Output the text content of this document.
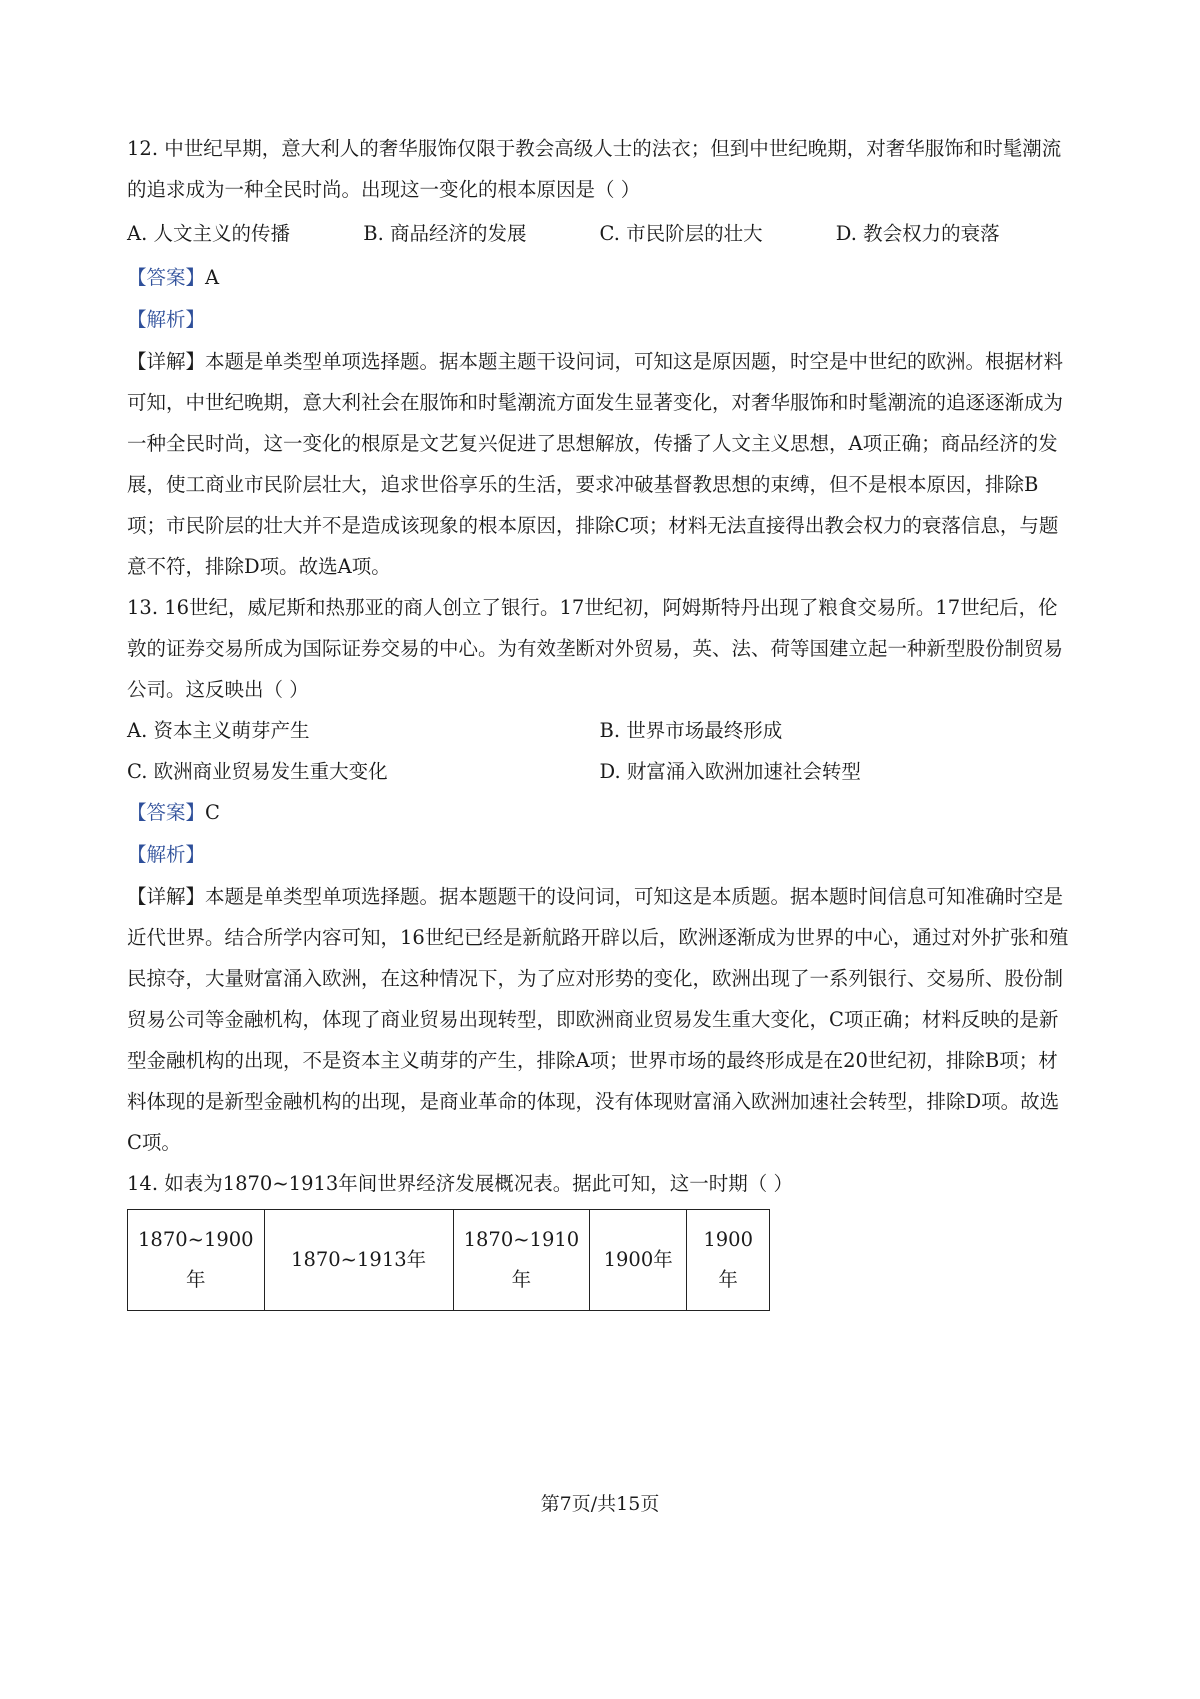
12. 中世纪早期，意大利人的奢华服饰仅限于教会高级人士的法衣；但到中世纪晚期，对奢华服饰和时髦潮流的追求成为一种全民时尚。出现这一变化的根本原因是（ ）

A. 人文主义的传播	B. 商品经济的发展	C. 市民阶层的壮大	D. 教会权力的衰落
【答案】A
【解析】

【详解】本题是单类型单项选择题。据本题主题干设问词，可知这是原因题，时空是中世纪的欧洲。根据材料可知，中世纪晚期，意大利社会在服饰和时髦潮流方面发生显著变化，对奢华服饰和时髦潮流的追逐逐渐成为一种全民时尚，这一变化的根原是文艺复兴促进了思想解放，传播了人文主义思想，A项正确；商品经济的发展，使工商业市民阶层壮大，追求世俗享乐的生活，要求冲破基督教思想的束缚，但不是根本原因，排除B项；市民阶层的壮大并不是造成该现象的根本原因，排除C项；材料无法直接得出教会权力的衰落信息，与题意不符，排除D项。故选A项。

13. 16世纪，威尼斯和热那亚的商人创立了银行。17世纪初，阿姆斯特丹出现了粮食交易所。17世纪后，伦敦的证券交易所成为国际证券交易的中心。为有效垄断对外贸易，英、法、荷等国建立起一种新型股份制贸易公司。这反映出（ ）

A. 资本主义萌芽产生	B. 世界市场最终形成
C. 欧洲商业贸易发生重大变化	D. 财富涌入欧洲加速社会转型
【答案】C
【解析】

【详解】本题是单类型单项选择题。据本题题干的设问词，可知这是本质题。据本题时间信息可知准确时空是近代世界。结合所学内容可知，16世纪已经是新航路开辟以后，欧洲逐渐成为世界的中心，通过对外扩张和殖民掠夺，大量财富涌入欧洲，在这种情况下，为了应对形势的变化，欧洲出现了一系列银行、交易所、股份制贸易公司等金融机构，体现了商业贸易出现转型，即欧洲商业贸易发生重大变化，C项正确；材料反映的是新型金融机构的出现，不是资本主义萌芽的产生，排除A项；世界市场的最终形成是在20世纪初，排除B项；材料体现的是新型金融机构的出现，是商业革命的体现，没有体现财富涌入欧洲加速社会转型，排除D项。故选C项。

14. 如表为1870~1913年间世界经济发展概况表。据此可知，这一时期（ ）

1870~1900年	1870~1913年	1870~1910年	1900年	1900年
第7页/共15页
